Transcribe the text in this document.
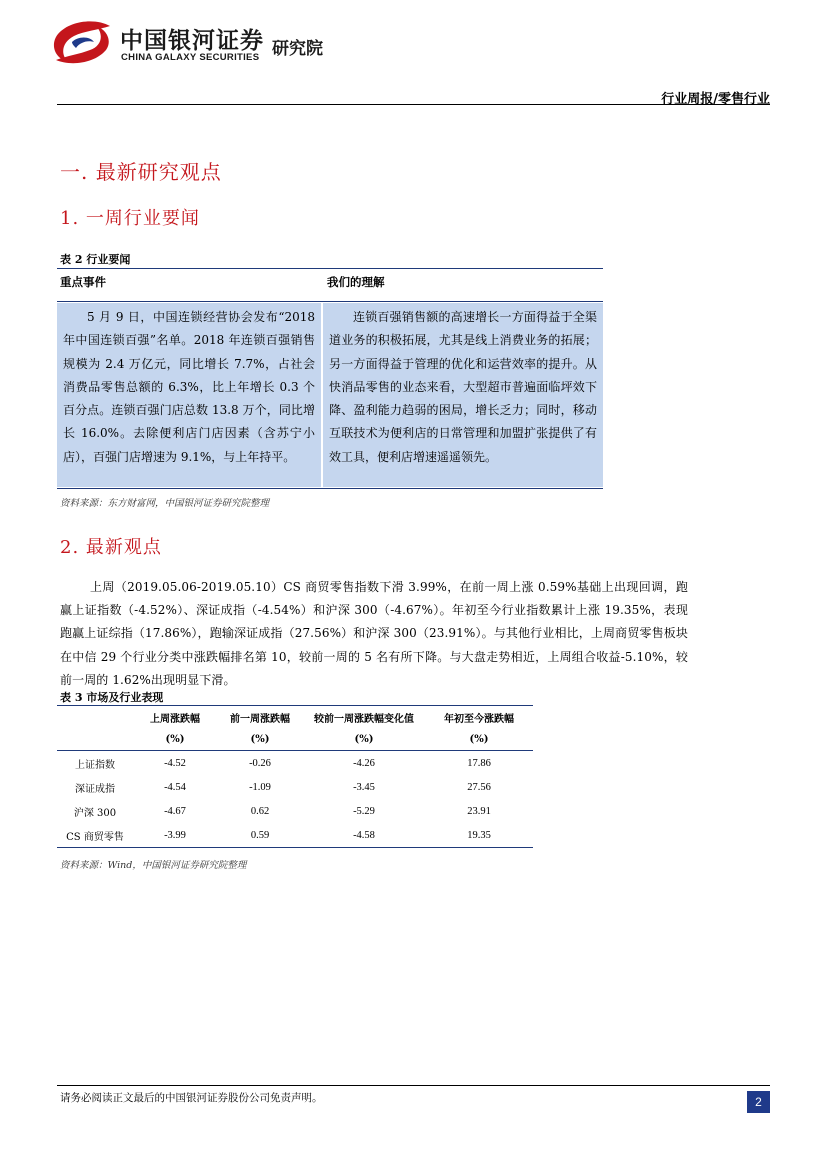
中国银河证券
CHINA GALAXY SECURITIES 研究院
行业周报/零售行业
一. 最新研究观点
1. 一周行业要闻
表 2 行业要闻
重点事件	我们的理解
5 月 9 日，中国连锁经营协会发布“2018 年中国连锁百强”名单。2018 年连锁百强销售规模为 2.4 万亿元，同比增长 7.7%，占社会消费品零售总额的 6.3%，比上年增长 0.3 个百分点。连锁百强门店总数 13.8 万个，同比增长 16.0%。去除便利店门店因素（含苏宁小店），百强门店增速为 9.1%，与上年持平。
连锁百强销售额的高速增长一方面得益于全渠道业务的积极拓展，尤其是线上消费业务的拓展；另一方面得益于管理的优化和运营效率的提升。从快消品零售的业态来看，大型超市普遍面临坪效下降、盈利能力趋弱的困局，增长乏力；同时，移动互联技术为便利店的日常管理和加盟扩张提供了有效工具，便利店增速遥遥领先。
资料来源：东方财富网，中国银河证券研究院整理
2. 最新观点
上周（2019.05.06-2019.05.10）CS 商贸零售指数下滑 3.99%，在前一周上涨 0.59%基础上出现回调，跑赢上证指数（-4.52%）、深证成指（-4.54%）和沪深 300（-4.67%）。年初至今行业指数累计上涨 19.35%，表现跑赢上证综指（17.86%），跑输深证成指（27.56%）和沪深 300（23.91%）。与其他行业相比，上周商贸零售板块在中信 29 个行业分类中涨跌幅排名第 10，较前一周的 5 名有所下降。与大盘走势相近，上周组合收益-5.10%，较前一周的 1.62%出现明显下滑。
表 3 市场及行业表现
	上周涨跌幅	前一周涨跌幅	较前一周涨跌幅变化值	年初至今涨跌幅
	(%)	(%)	(%)	(%)
上证指数	-4.52	-0.26	-4.26	17.86
深证成指	-4.54	-1.09	-3.45	27.56
沪深 300	-4.67	0.62	-5.29	23.91
CS 商贸零售	-3.99	0.59	-4.58	19.35
资料来源：Wind，中国银河证券研究院整理
请务必阅读正文最后的中国银河证券股份公司免责声明。	2
